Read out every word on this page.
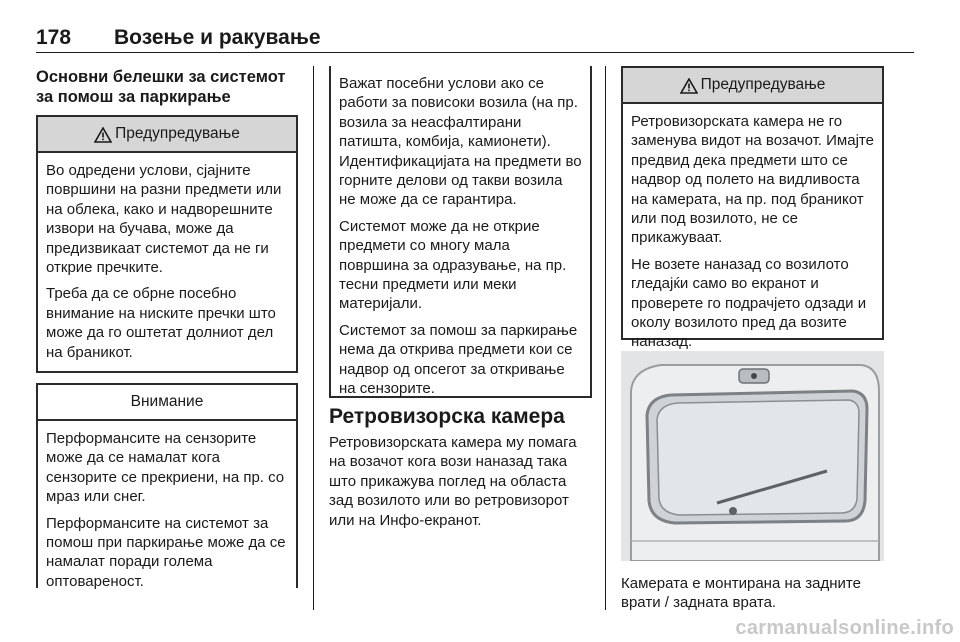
178 Возење и ракување
Основни белешки за системот за помош за паркирање
Предупредување

Во одредени услови, сјајните површини на разни предмети или на облека, како и надворешните извори на бучава, може да предизвикаат системот да не ги открие пречките.

Треба да се обрне посебно внимание на ниските пречки што може да го оштетат долниот дел на браникот.

Внимание

Перформансите на сензорите може да се намалат кога сензорите се прекриени, на пр. со мраз или снег.

Перформансите на системот за помош при паркирање може да се намалат поради голема оптовареност.

Важат посебни услови ако се работи за повисоки возила (на пр. возила за неасфалтирани патишта, комбија, камионети). Идентификацијата на предмети во горните делови од такви возила не може да се гарантира.

Системот може да не открие предмети со многу мала површина за одразување, на пр. тесни предмети или меки материјали.

Системот за помош за паркирање нема да открива предмети кои се надвор од опсегот за откривање на сензорите.

Ретровизорска камера

Ретровизорската камера му помага на возачот кога вози наназад така што прикажува поглед на областа зад возилото или во ретровизорот или на Инфо-екранот.

Предупредување

Ретровизорската камера не го заменува видот на возачот. Имајте предвид дека предмети што се надвор од полето на видливоста на камерата, на пр. под браникот или под возилото, не се прикажуваат.

Не возете наназад со возилото гледајќи само во екранот и проверете го подрачјето одзади и околу возилото пред да возите наназад.

Камерата е монтирана на задните врати / задната врата.

carmanualsonline.info
